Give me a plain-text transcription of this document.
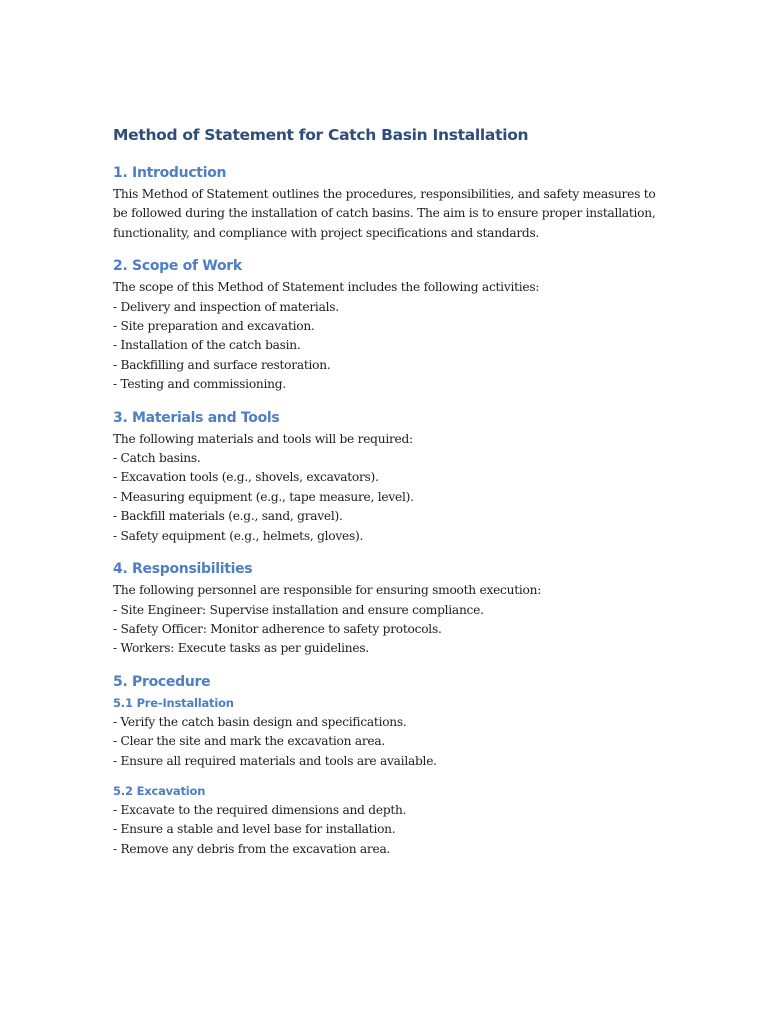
Method of Statement for Catch Basin Installation
1. Introduction
This Method of Statement outlines the procedures, responsibilities, and safety measures to
be followed during the installation of catch basins. The aim is to ensure proper installation,
functionality, and compliance with project specifications and standards.
2. Scope of Work
The scope of this Method of Statement includes the following activities:
- Delivery and inspection of materials.
- Site preparation and excavation.
- Installation of the catch basin.
- Backfilling and surface restoration.
- Testing and commissioning.
3. Materials and Tools
The following materials and tools will be required:
- Catch basins.
- Excavation tools (e.g., shovels, excavators).
- Measuring equipment (e.g., tape measure, level).
- Backfill materials (e.g., sand, gravel).
- Safety equipment (e.g., helmets, gloves).
4. Responsibilities
The following personnel are responsible for ensuring smooth execution:
- Site Engineer: Supervise installation and ensure compliance.
- Safety Officer: Monitor adherence to safety protocols.
- Workers: Execute tasks as per guidelines.
5. Procedure
5.1 Pre-Installation
- Verify the catch basin design and specifications.
- Clear the site and mark the excavation area.
- Ensure all required materials and tools are available.
5.2 Excavation
- Excavate to the required dimensions and depth.
- Ensure a stable and level base for installation.
- Remove any debris from the excavation area.
